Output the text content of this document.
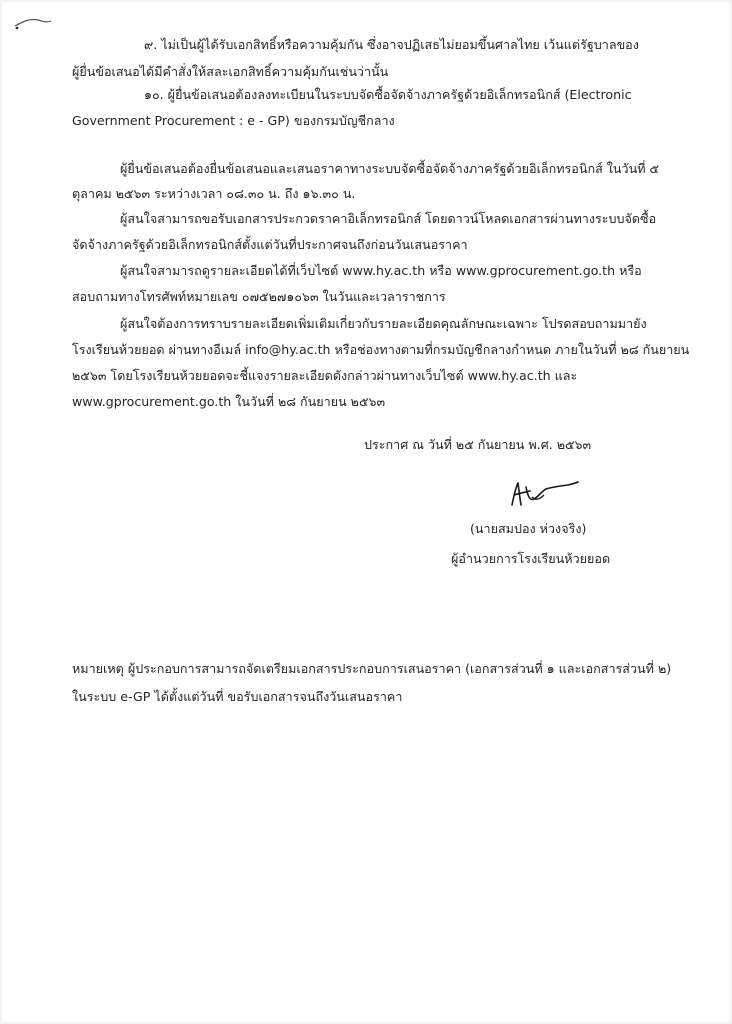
๙. ไม่เป็นผู้ได้รับเอกสิทธิ์หรือความคุ้มกัน ซึ่งอาจปฏิเสธไม่ยอมขึ้นศาลไทย เว้นแต่รัฐบาลของ
ผู้ยื่นข้อเสนอได้มีคำสั่งให้สละเอกสิทธิ์ความคุ้มกันเช่นว่านั้น
๑๐. ผู้ยื่นข้อเสนอต้องลงทะเบียนในระบบจัดซื้อจัดจ้างภาครัฐด้วยอิเล็กทรอนิกส์ (Electronic
Government Procurement : e - GP) ของกรมบัญชีกลาง
ผู้ยื่นข้อเสนอต้องยื่นข้อเสนอและเสนอราคาทางระบบจัดซื้อจัดจ้างภาครัฐด้วยอิเล็กทรอนิกส์ ในวันที่ ๕
ตุลาคม ๒๕๖๓ ระหว่างเวลา ๐๘.๓๐ น. ถึง ๑๖.๓๐ น.
ผู้สนใจสามารถขอรับเอกสารประกวดราคาอิเล็กทรอนิกส์ โดยดาวน์โหลดเอกสารผ่านทางระบบจัดซื้อ
จัดจ้างภาครัฐด้วยอิเล็กทรอนิกส์ตั้งแต่วันที่ประกาศจนถึงก่อนวันเสนอราคา
ผู้สนใจสามารถดูรายละเอียดได้ที่เว็บไซต์ www.hy.ac.th หรือ www.gprocurement.go.th หรือ
สอบถามทางโทรศัพท์หมายเลข ๐๗๕๒๗๑๐๖๓ ในวันและเวลาราชการ
ผู้สนใจต้องการทราบรายละเอียดเพิ่มเติมเกี่ยวกับรายละเอียดคุณลักษณะเฉพาะ โปรดสอบถามมายัง
โรงเรียนห้วยยอด ผ่านทางอีเมล์ info@hy.ac.th หรือช่องทางตามที่กรมบัญชีกลางกำหนด ภายในวันที่ ๒๘ กันยายน
๒๕๖๓ โดยโรงเรียนห้วยยอดจะชี้แจงรายละเอียดดังกล่าวผ่านทางเว็บไซต์ www.hy.ac.th และ
www.gprocurement.go.th ในวันที่ ๒๘ กันยายน ๒๕๖๓
ประกาศ ณ วันที่ ๒๕ กันยายน พ.ศ. ๒๕๖๓
(นายสมปอง ห่วงจริง)
ผู้อำนวยการโรงเรียนห้วยยอด
หมายเหตุ ผู้ประกอบการสามารถจัดเตรียมเอกสารประกอบการเสนอราคา (เอกสารส่วนที่ ๑ และเอกสารส่วนที่ ๒)
ในระบบ e-GP ได้ตั้งแต่วันที่ ขอรับเอกสารจนถึงวันเสนอราคา
